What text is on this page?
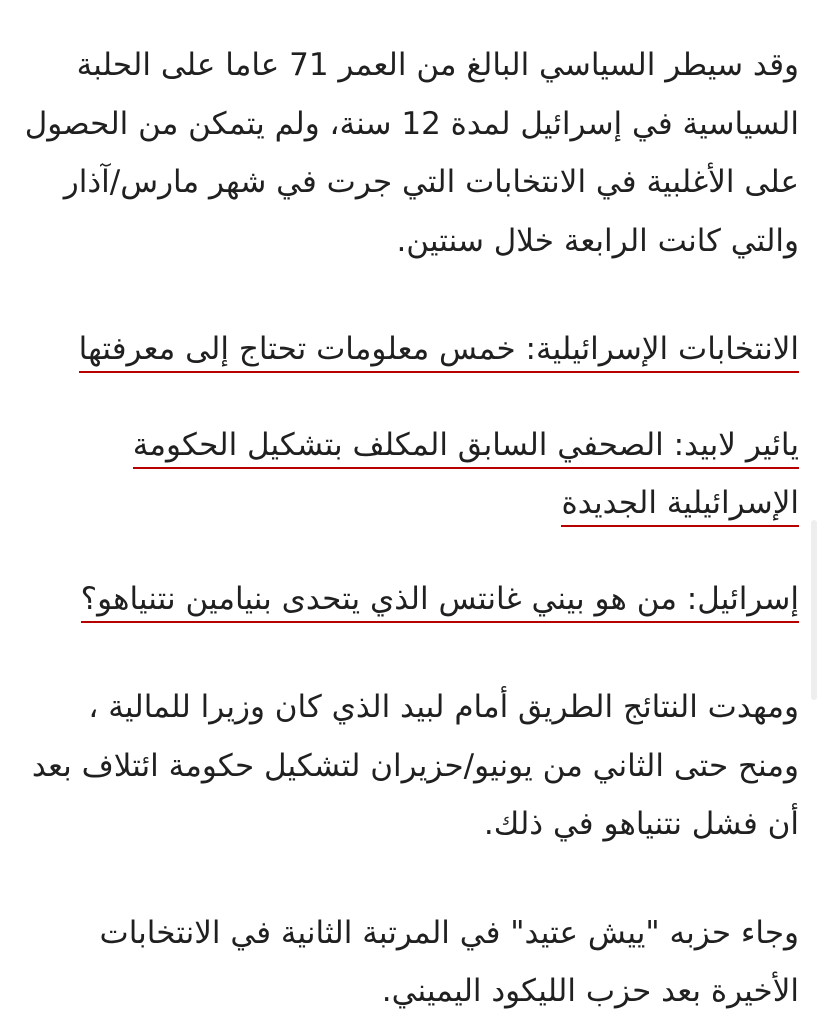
وقد سيطر السياسي البالغ من العمر 71 عاما على الحلبة السياسية في إسرائيل لمدة 12 سنة، ولم يتمكن من الحصول على الأغلبية في الانتخابات التي جرت في شهر مارس/آذار والتي كانت الرابعة خلال سنتين.

الانتخابات الإسرائيلية: خمس معلومات تحتاج إلى معرفتها
يائير لابيد: الصحفي السابق المكلف بتشكيل الحكومة الإسرائيلية الجديدة
إسرائيل: من هو بيني غانتس الذي يتحدى بنيامين نتنياهو؟

ومهدت النتائج الطريق أمام لبيد الذي كان وزيرا للمالية ، ومنح حتى الثاني من يونيو/حزيران لتشكيل حكومة ائتلاف بعد أن فشل نتنياهو في ذلك.

وجاء حزبه "ييش عتيد" في المرتبة الثانية في الانتخابات الأخيرة بعد حزب الليكود اليميني.
